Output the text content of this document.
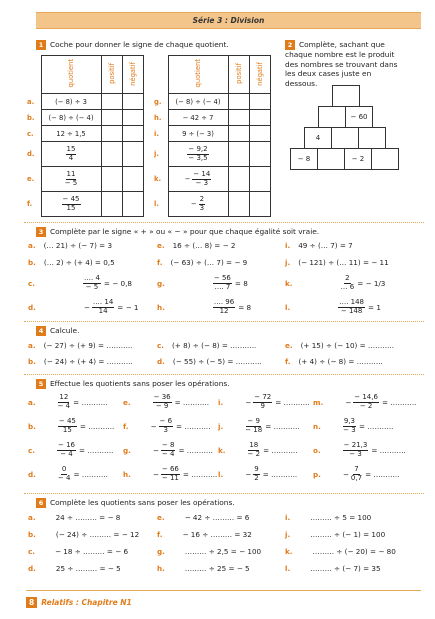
Série 3 : Division
1 Coche pour donner le signe de chaque quotient.
	quotient	positif	négatif
a.	(− 8) ÷ 3		
b.	(− 8) ÷ (− 4)		
c.	12 ÷ 1,5		
d.	$\frac{15}{4}$

e.	$\frac{11}{- 5}$

f.	$\frac{- 45}{15}$

	quotient	positif	négatif
g.	(− 8) ÷ (− 4)		
h.	− 42 ÷ 7		
i.	9 ÷ (− 3)		
j.	$\frac{- 9,2}{- 3,5}$

k.	− $\frac{- 14}{- 3}$

l.	− $\frac{2}{3}$

2 Complète, sachant que
chaque nombre est le produit
des nombres se trouvant dans
les deux cases juste en dessous.
− 60
4
− 8	− 2
3 Complète par le signe « + » ou « − » pour que chaque égalité soit vraie.
a. (… 21) ÷ (− 7) = 3	e. 16 ÷ (… 8) = − 2	i. 49 ÷ (… 7) = 7
b. (… 2) ÷ (+ 4) = 0,5	f. (− 63) ÷ (… 7) = − 9	j. (− 121) ÷ (… 11) = − 11
c.	$\frac{\dots. 4}{- 5}$ = − 0,8	g.	$\frac{- 56}{\dots. 7} = 8$	k.	$\frac{2}{\dots 6}$ = − 1/3
d.	− $\frac{\dots. 14}{14}$ = − 1	h.	$\frac{\dots. 96}{12} = 8$	l.	$\frac{\dots. 148}{- 148} = 1$
4 Calcule.
a. (− 27) ÷ (+ 9) = ………..	c. (+ 8) ÷ (− 8) = ………..	e. (+ 15) ÷ (− 10) = ………..
b. (− 24) ÷ (+ 4) = ………..	d. (− 55) ÷ (− 5) = ………..	f. (+ 4) ÷ (− 8) = ………..
5 Effectue les quotients sans poser les opérations.
a.	$\frac{12}{- 4}$ = ……….. e.	$\frac{- 36}{- 9}$ = ……….. i.	− $\frac{- 72}{9}$ = ……….. m.	− $\frac{- 14,6}{- 2}$ = ………..
b.	$\frac{- 45}{15}$ = ……….. f.	− $\frac{- 6}{3}$ = ……….. j.	$\frac{- 9}{- 18}$ = ……….. n.	$\frac{9,3}{- 3}$ = ………..
c.	$\frac{- 16}{- 4}$ = ……….. g.	− $\frac{- 8}{- 4}$ = ……….. k.	$\frac{18}{- 2}$ = ……….. o.	$\frac{- 21,3}{- 3}$ = ………..
d.	$\frac{0}{- 4}$ = ……….. h.	− $\frac{- 66}{- 11}$ = ……….. l.	− $\frac{9}{2}$ = ……….. p.	− $\frac{7}{0,7}$ = ………..
6 Complète les quotients sans poser les opérations.
a.	24 ÷ ……… = − 8	e.	− 42 ÷ ……… = 6	i.	……… ÷ 5 = 100
b.	(− 24) ÷ ……… = − 12 f.	− 16 ÷ ……… = 32	j.	……… ÷ (− 1) = 100
c.	− 18 ÷ ……… = − 6	g.	……… ÷ 2,5 = − 100	k.	……… ÷ (− 20) = − 80
d.	25 ÷ ……… = − 5	h.	……… ÷ 25 = − 5	l.	……… ÷ (− 7) = 35
8 Relatifs : Chapitre N1
